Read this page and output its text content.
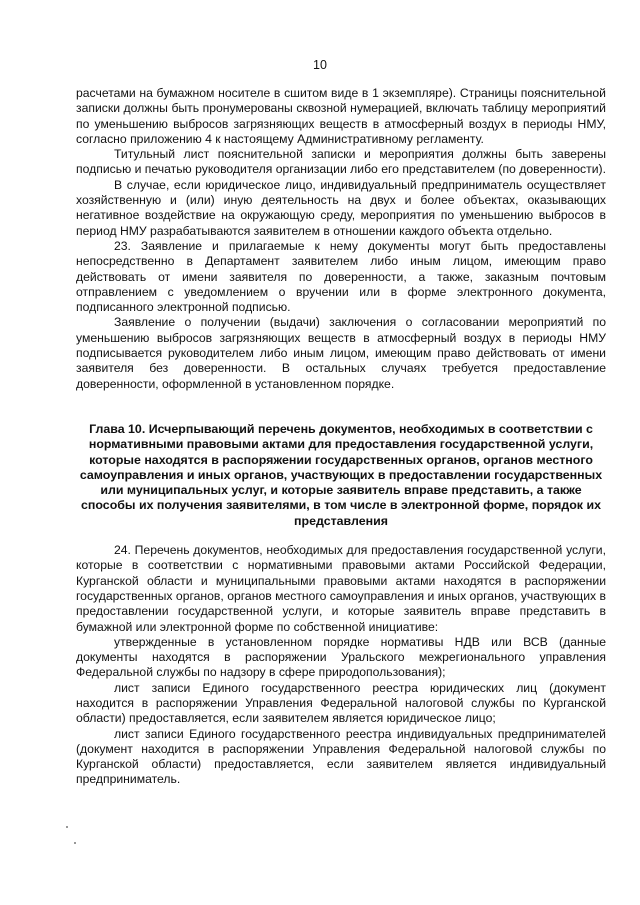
10

расчетами на бумажном носителе в сшитом виде в 1 экземпляре). Страницы пояснительной записки должны быть пронумерованы сквозной нумерацией, включать таблицу мероприятий по уменьшению выбросов загрязняющих веществ в атмосферный воздух в периоды НМУ, согласно приложению 4 к настоящему Административному регламенту.

Титульный лист пояснительной записки и мероприятия должны быть заверены подписью и печатью руководителя организации либо его представителем (по доверенности).

В случае, если юридическое лицо, индивидуальный предприниматель осуществляет хозяйственную и (или) иную деятельность на двух и более объектах, оказывающих негативное воздействие на окружающую среду, мероприятия по уменьшению выбросов в период НМУ разрабатываются заявителем в отношении каждого объекта отдельно.

23. Заявление и прилагаемые к нему документы могут быть предоставлены непосредственно в Департамент заявителем либо иным лицом, имеющим право действовать от имени заявителя по доверенности, а также, заказным почтовым отправлением с уведомлением о вручении или в форме электронного документа, подписанного электронной подписью.

Заявление о получении (выдачи) заключения о согласовании мероприятий по уменьшению выбросов загрязняющих веществ в атмосферный воздух в периоды НМУ подписывается руководителем либо иным лицом, имеющим право действовать от имени заявителя без доверенности. В остальных случаях требуется предоставление доверенности, оформленной в установленном порядке.

Глава 10. Исчерпывающий перечень документов, необходимых в соответствии с нормативными правовыми актами для предоставления государственной услуги, которые находятся в распоряжении государственных органов, органов местного самоуправления и иных органов, участвующих в предоставлении государственных или муниципальных услуг, и которые заявитель вправе представить, а также способы их получения заявителями, в том числе в электронной форме, порядок их представления

24. Перечень документов, необходимых для предоставления государственной услуги, которые в соответствии с нормативными правовыми актами Российской Федерации, Курганской области и муниципальными правовыми актами находятся в распоряжении государственных органов, органов местного самоуправления и иных органов, участвующих в предоставлении государственной услуги, и которые заявитель вправе представить в бумажной или электронной форме по собственной инициативе:

утвержденные в установленном порядке нормативы НДВ или ВСВ (данные документы находятся в распоряжении Уральского межрегионального управления Федеральной службы по надзору в сфере природопользования);

лист записи Единого государственного реестра юридических лиц (документ находится в распоряжении Управления Федеральной налоговой службы по Курганской области) предоставляется, если заявителем является юридическое лицо;

лист записи Единого государственного реестра индивидуальных предпринимателей (документ находится в распоряжении Управления Федеральной налоговой службы по Курганской области) предоставляется, если заявителем является индивидуальный предприниматель.
